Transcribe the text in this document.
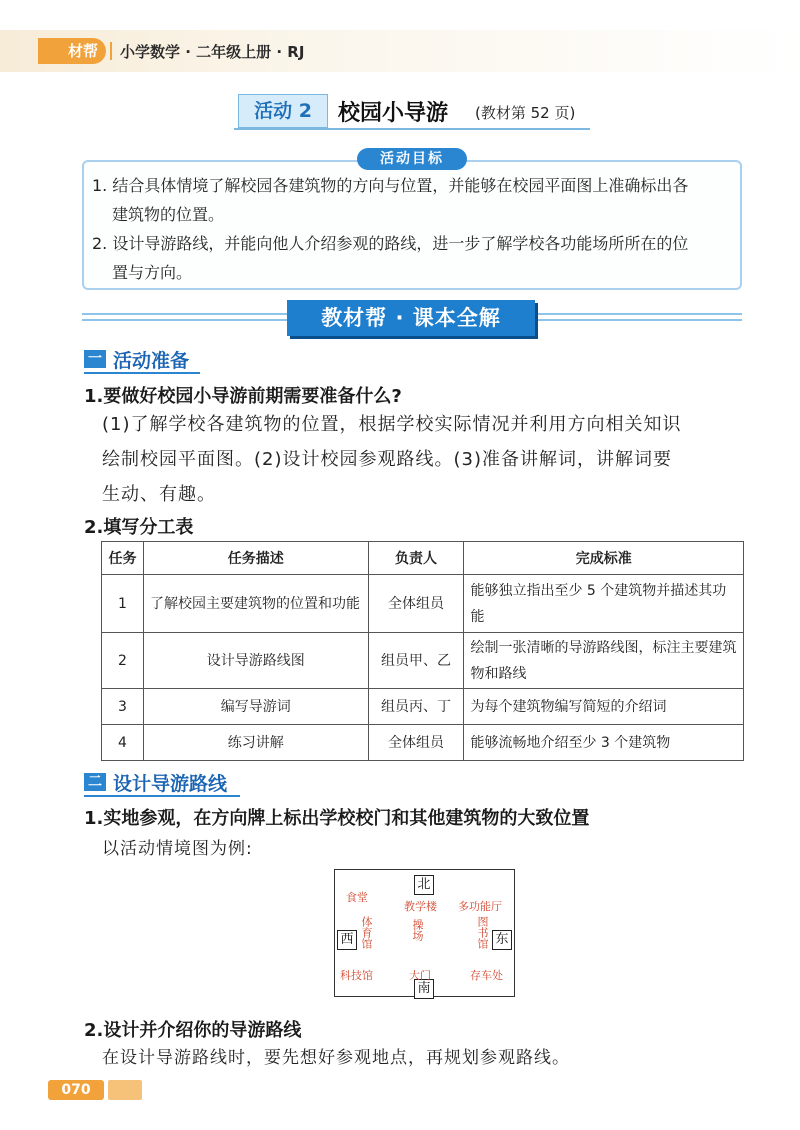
材帮	小学数学 · 二年级上册 · RJ
活动 2	校园小导游 (教材第 52 页)
活动目标
1. 结合具体情境了解校园各建筑物的方向与位置，并能够在校园平面图上准确标出各
建筑物的位置。
2. 设计导游路线，并能向他人介绍参观的路线，进一步了解学校各功能场所所在的位
置与方向。
教材帮 · 课本全解
一 活动准备
1.要做好校园小导游前期需要准备什么?
(1)了解学校各建筑物的位置，根据学校实际情况并利用方向相关知识
绘制校园平面图。(2)设计校园参观路线。(3)准备讲解词，讲解词要
生动、有趣。
2.填写分工表
任务	任务描述	负责人	完成标准
1	了解校园主要建筑物的位置和功能	全体组员	能够独立指出至少 5 个建筑物并描述其功能
2	设计导游路线图	组员甲、乙	绘制一张清晰的导游路线图，标注主要建筑物和路线
3	编写导游词	组员丙、丁	为每个建筑物编写简短的介绍词
4	练习讲解	全体组员	能够流畅地介绍至少 3 个建筑物
二 设计导游路线
1.实地参观，在方向牌上标出学校校门和其他建筑物的大致位置
以活动情境图为例:
北
南
西	东
食堂
教学楼 多功能厅
体育馆	操场	图书馆
科技馆	大门	存车处
2.设计并介绍你的导游路线
在设计导游路线时，要先想好参观地点，再规划参观路线。
070
